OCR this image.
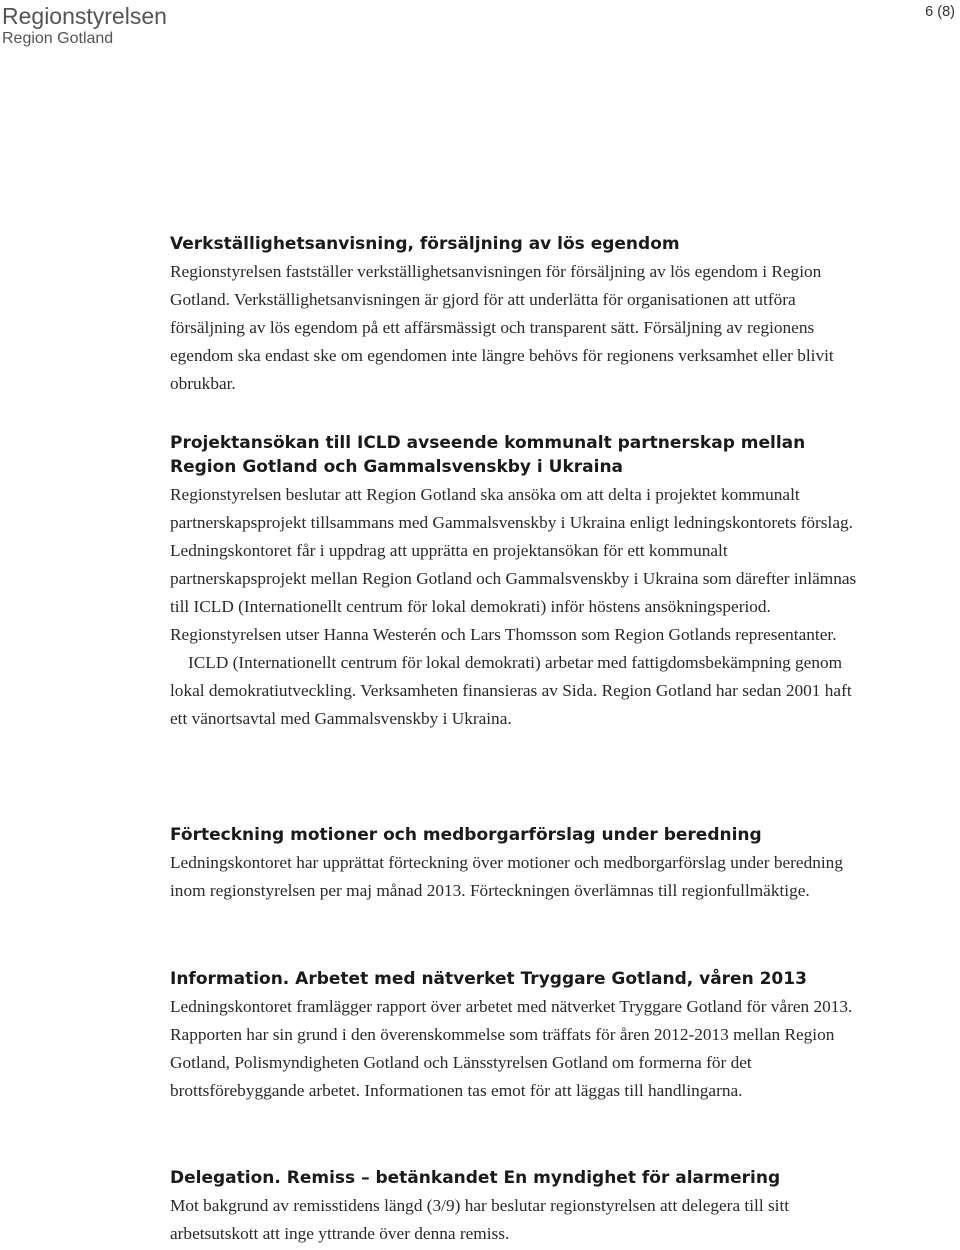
Regionstyrelsen
Region Gotland
6 (8)
Verkställighetsanvisning, försäljning av lös egendom

Regionstyrelsen fastställer verkställighetsanvisningen för försäljning av lös egendom i Region Gotland. Verkställighetsanvisningen är gjord för att underlätta för organisationen att utföra försäljning av lös egendom på ett affärsmässigt och transparent sätt. Försäljning av regionens egendom ska endast ske om egendomen inte längre behövs för regionens verksamhet eller blivit obrukbar.

Projektansökan till ICLD avseende kommunalt partnerskap mellan Region Gotland och Gammalsvenskby i Ukraina

Regionstyrelsen beslutar att Region Gotland ska ansöka om att delta i projektet kommunalt partnerskapsprojekt tillsammans med Gammalsvenskby i Ukraina enligt ledningskontorets förslag. Ledningskontoret får i uppdrag att upprätta en projektansökan för ett kommunalt partnerskapsprojekt mellan Region Gotland och Gammalsvenskby i Ukraina som därefter inlämnas till ICLD (Internationellt centrum för lokal demokrati) inför höstens ansökningsperiod. Regionstyrelsen utser Hanna Westerén och Lars Thomsson som Region Gotlands representanter.

ICLD (Internationellt centrum för lokal demokrati) arbetar med fattigdomsbekämpning genom lokal demokratiutveckling. Verksamheten finansieras av Sida. Region Gotland har sedan 2001 haft ett vänortsavtal med Gammalsvenskby i Ukraina.

Förteckning motioner och medborgarförslag under beredning

Ledningskontoret har upprättat förteckning över motioner och medborgarförslag under beredning inom regionstyrelsen per maj månad 2013. Förteckningen överlämnas till regionfullmäktige.

Information. Arbetet med nätverket Tryggare Gotland, våren 2013

Ledningskontoret framlägger rapport över arbetet med nätverket Tryggare Gotland för våren 2013. Rapporten har sin grund i den överenskommelse som träffats för åren 2012-2013 mellan Region Gotland, Polismyndigheten Gotland och Länsstyrelsen Gotland om formerna för det brottsförebyggande arbetet. Informationen tas emot för att läggas till handlingarna.

Delegation. Remiss – betänkandet En myndighet för alarmering

Mot bakgrund av remisstidens längd (3/9) har beslutar regionstyrelsen att delegera till sitt arbetsutskott att inge yttrande över denna remiss.
